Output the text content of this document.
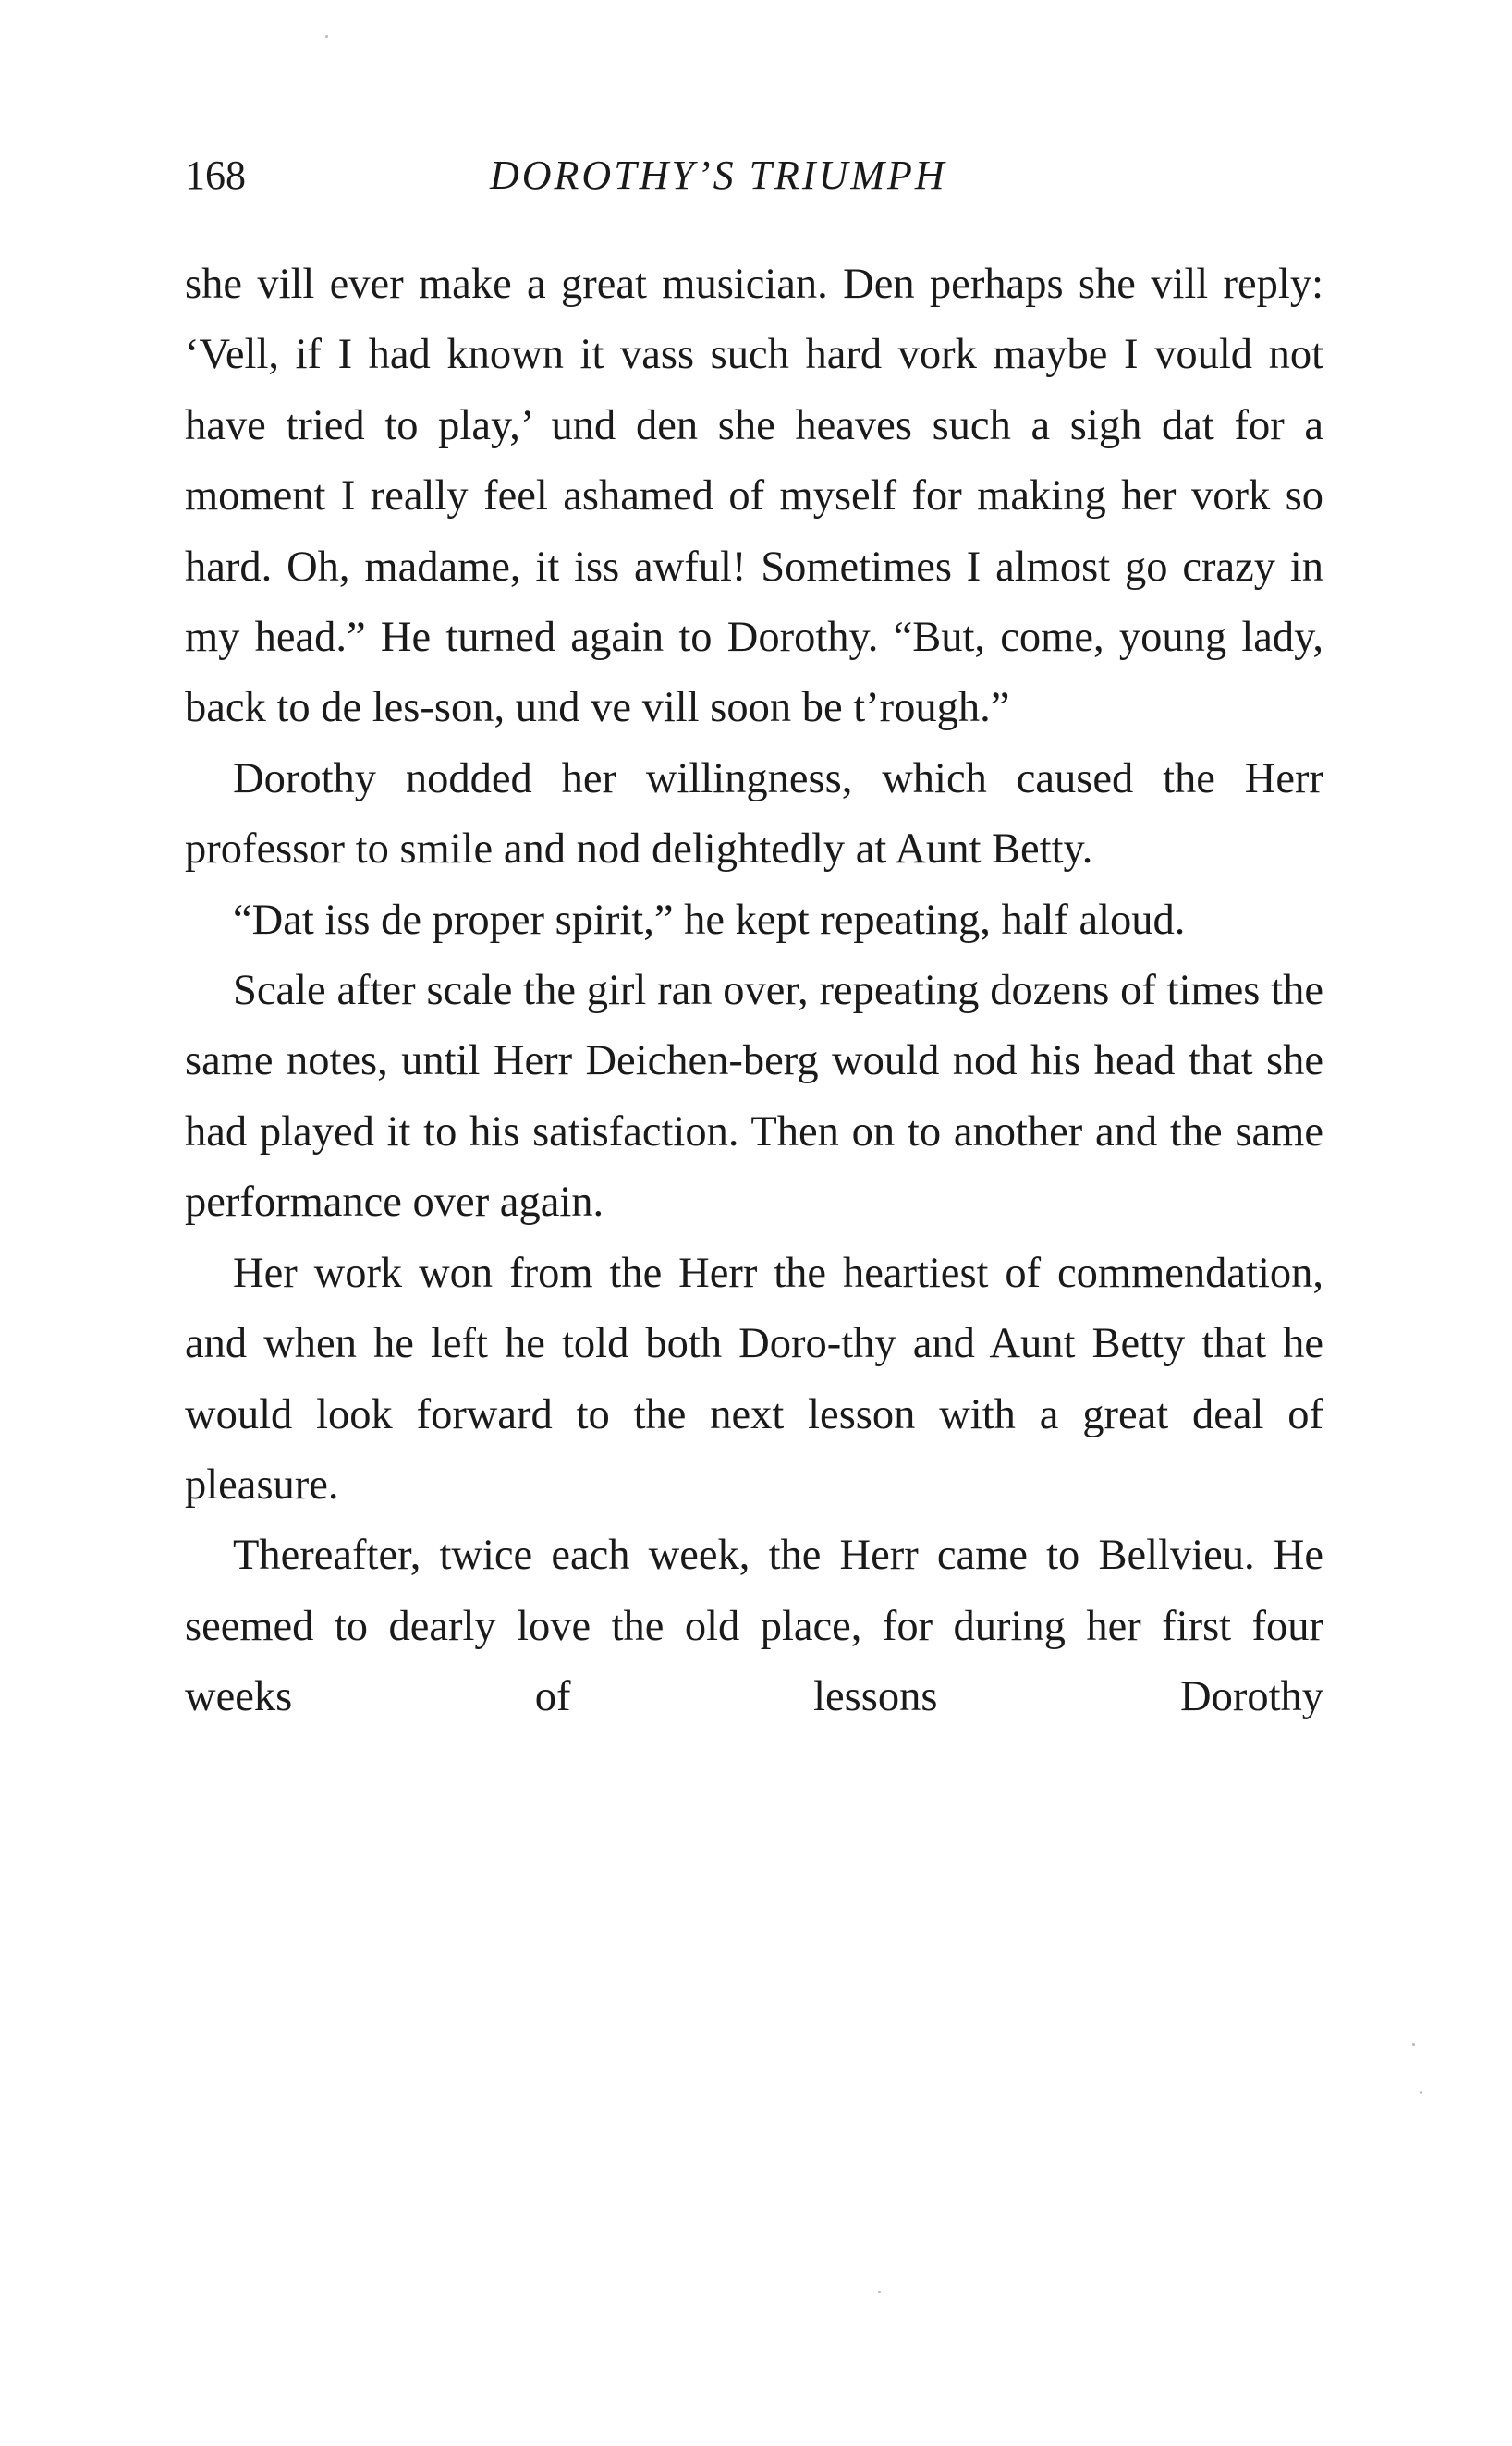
168	DOROTHY’S TRIUMPH

she vill ever make a great musician. Den perhaps she vill reply: ‘Vell, if I had known it vass such hard vork maybe I vould not have tried to play,’ und den she heaves such a sigh dat for a moment I really feel ashamed of myself for making her vork so hard. Oh, madame, it iss awful! Sometimes I almost go crazy in my head.” He turned again to Dorothy. “But, come, young lady, back to de les-son, und ve vill soon be t’rough.”

Dorothy nodded her willingness, which caused the Herr professor to smile and nod delightedly at Aunt Betty.

“Dat iss de proper spirit,” he kept repeating, half aloud.

Scale after scale the girl ran over, repeating dozens of times the same notes, until Herr Deichen-berg would nod his head that she had played it to his satisfaction. Then on to another and the same performance over again.

Her work won from the Herr the heartiest of commendation, and when he left he told both Doro-thy and Aunt Betty that he would look forward to the next lesson with a great deal of pleasure.

Thereafter, twice each week, the Herr came to Bellvieu. He seemed to dearly love the old place, for during her first four weeks of lessons Dorothy
